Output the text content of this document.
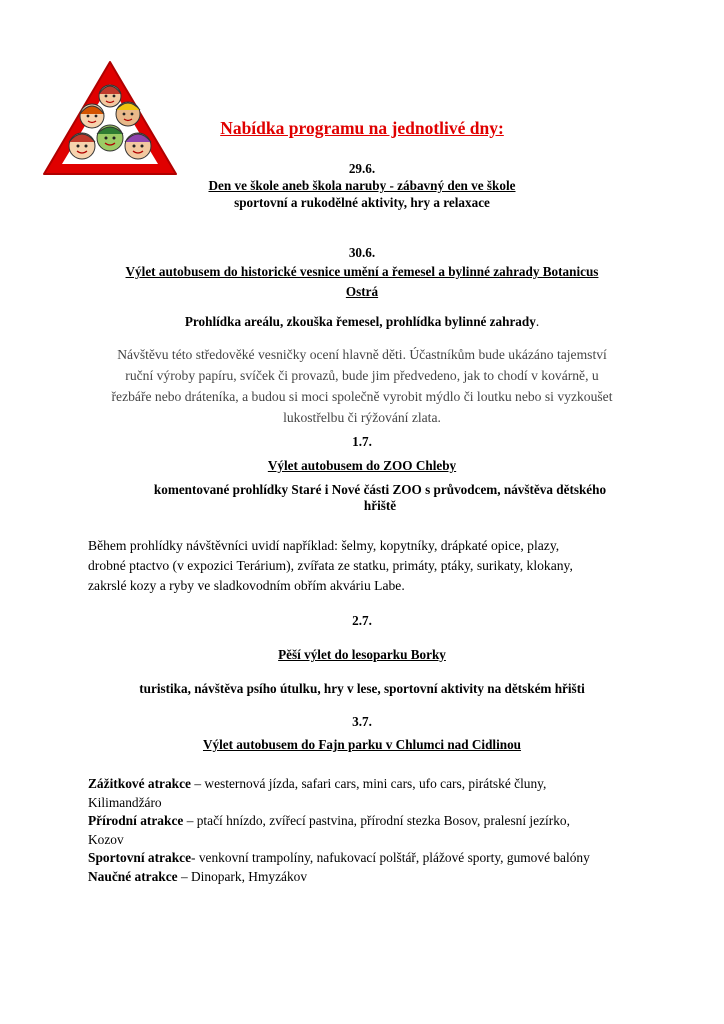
Nabídka programu na jednotlivé dny:
29.6.
Den ve škole aneb škola naruby - zábavný den ve škole
sportovní a rukodělné aktivity, hry a relaxace
30.6.
Výlet autobusem do historické vesnice umění a řemesel a bylinné zahrady Botanicus
Ostrá
Prohlídka areálu, zkouška řemesel, prohlídka bylinné zahrady.
Návštěvu této středověké vesničky ocení hlavně děti. Účastníkům bude ukázáno tajemství
ruční výroby papíru, svíček či provazů, bude jim předvedeno, jak to chodí v kovárně, u
řezbáře nebo dráteníka, a budou si moci společně vyrobit mýdlo či loutku nebo si vyzkoušet
lukostřelbu či rýžování zlata.
1.7.
Výlet autobusem do ZOO Chleby
komentované prohlídky Staré i Nové části ZOO s průvodcem, návštěva dětského
hřiště
Během prohlídky návštěvníci uvidí například: šelmy, kopytníky, drápkaté opice, plazy,
drobné ptactvo (v expozici Terárium), zvířata ze statku, primáty, ptáky, surikaty, klokany,
zakrslé kozy a ryby ve sladkovodním obřím akváriu Labe.
2.7.
Pěší výlet do lesoparku Borky
turistika, návštěva psího útulku, hry v lese, sportovní aktivity na dětském hřišti
3.7.
Výlet autobusem do Fajn parku v Chlumci nad Cidlinou
Zážitkové atrakce – westernová jízda, safari cars, mini cars, ufo cars, pirátské čluny,
Kilimandžáro
Přírodní atrakce – ptačí hnízdo, zvířecí pastvina, přírodní stezka Bosov, pralesní jezírko,
Kozov
Sportovní atrakce- venkovní trampolíny, nafukovací polštář, plážové sporty, gumové balóny
Naučné atrakce – Dinopark, Hmyzákov
